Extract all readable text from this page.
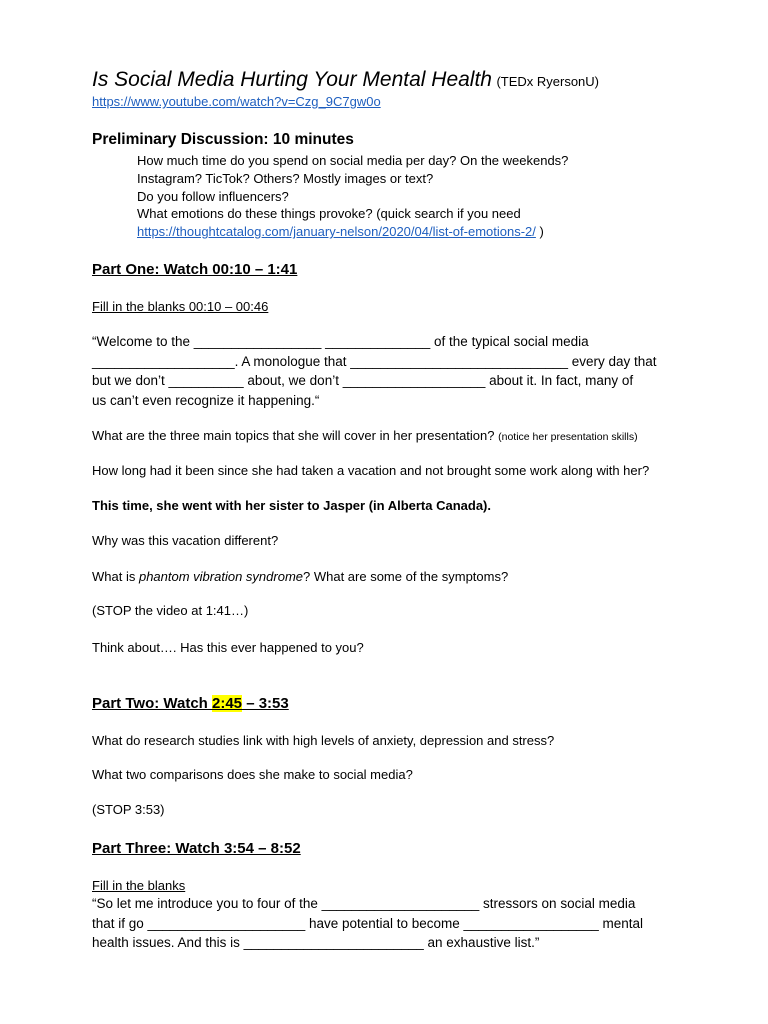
Is Social Media Hurting Your Mental Health (TEDx RyersonU)
https://www.youtube.com/watch?v=Czg_9C7gw0o
Preliminary Discussion: 10 minutes
How much time do you spend on social media per day? On the weekends?
Instagram? TicTok? Others? Mostly images or text?
Do you follow influencers?
What emotions do these things provoke? (quick search if you need
https://thoughtcatalog.com/january-nelson/2020/04/list-of-emotions-2/ )
Part One: Watch 00:10 – 1:41
Fill in the blanks 00:10 – 00:46
“Welcome to the _________________ ______________ of the typical social media
___________________. A monologue that _____________________________ every day that
but we don’t __________ about, we don’t ___________________ about it. In fact, many of
us can’t even recognize it happening.“
What are the three main topics that she will cover in her presentation? (notice her presentation skills)
How long had it been since she had taken a vacation and not brought some work along with her?
This time, she went with her sister to Jasper (in Alberta Canada).
Why was this vacation different?
What is phantom vibration syndrome? What are some of the symptoms?
(STOP the video at 1:41…)
Think about…. Has this ever happened to you?
Part Two: Watch 2:45 – 3:53
What do research studies link with high levels of anxiety, depression and stress?
What two comparisons does she make to social media?
(STOP 3:53)
Part Three: Watch 3:54 – 8:52
Fill in the blanks
“So let me introduce you to four of the _____________________ stressors on social media
that if go _____________________ have potential to become __________________ mental
health issues. And this is ________________________ an exhaustive list.”
